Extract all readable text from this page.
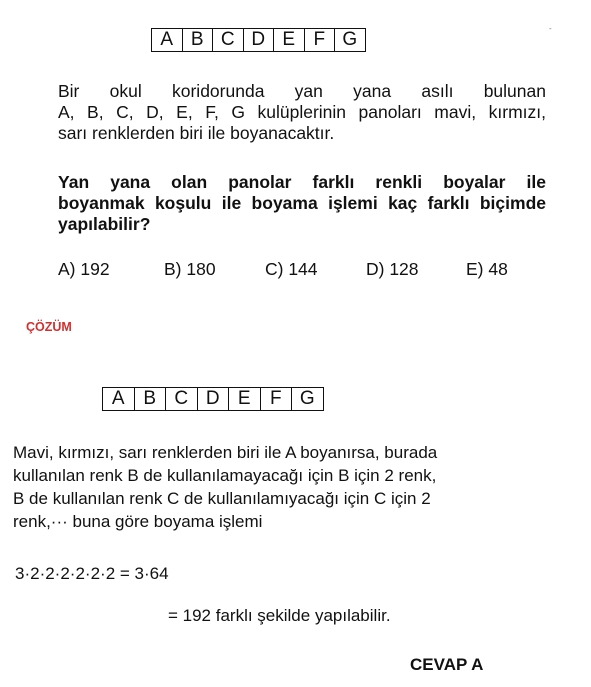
A B C D E F G
-
Bir okul koridorunda yan yana asılı bulunan
A, B, C, D, E, F, G kulüplerinin panoları mavi, kırmızı,
sarı renklerden biri ile boyanacaktır.
Yan yana olan panolar farklı renkli boyalar ile
boyanmak koşulu ile boyama işlemi kaç farklı biçimde
yapılabilir?
A) 192	B) 180	C) 144	D) 128	E) 48
ÇÖZÜM
A B C D E	F G
Mavi, kırmızı, sarı renklerden biri ile A boyanırsa, burada
kullanılan renk B de kullanılamayacağı için B için 2 renk,
B de kullanılan renk C de kullanılamıyacağı için C için 2
renk,··· buna göre boyama işlemi
3·2·2·2·2·2·2 = 3·64
= 192 farklı şekilde yapılabilir.
CEVAP A
